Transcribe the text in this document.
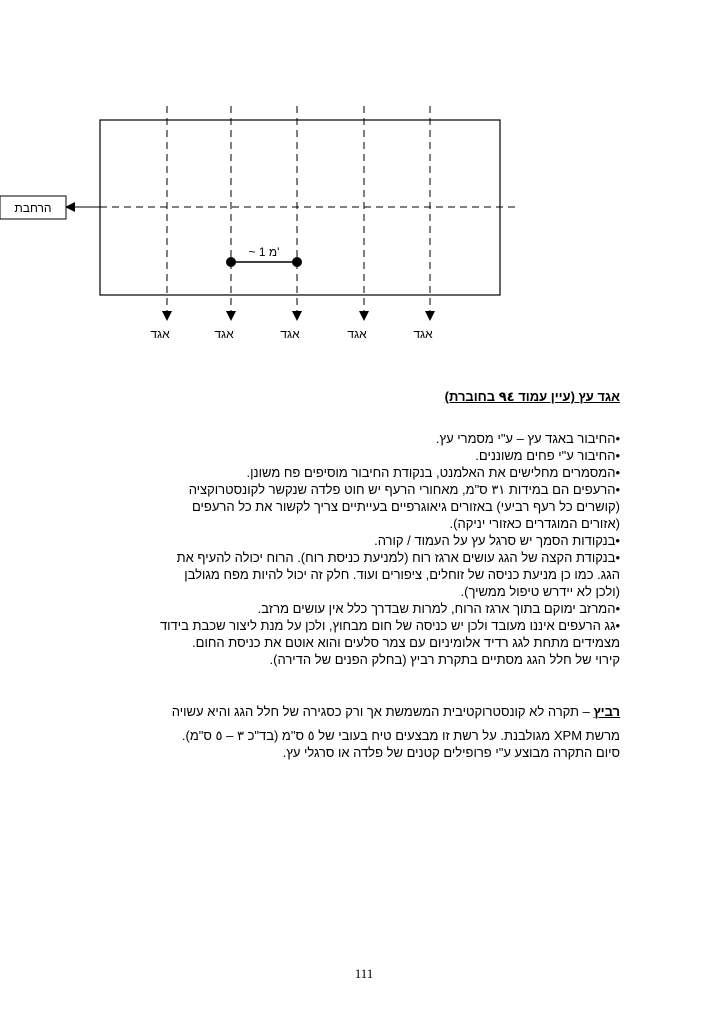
הרחבת
~ 1 מ'
אגד	אגד	אגד	אגד	אגד
אגד עץ (עיין עמוד ٩٤ בחוברת)
•החיבור באגד עץ – ע"י מסמרי עץ.
•החיבור ע"י פחים משוננים.
•המסמרים מחלישים את האלמנט, בנקודת החיבור מוסיפים פח משונן.
•הרעפים הם במידות ٣١ ס"מ, מאחורי הרעף יש חוט פלדה שנקשר לקונסטרוקציה
(קושרים כל רעף רביעי) באזורים גיאוגרפיים בעייתיים צריך לקשור את כל הרעפים
(אזורים המוגדרים כאזורי יניקה).
•בנקודות הסמך יש סרגל עץ על העמוד / קורה.
•בנקודת הקצה של הגג עושים ארגז רוח (למניעת כניסת רוח). הרוח יכולה להעיף את
הגג. כמו כן מניעת כניסה של זוחלים, ציפורים ועוד. חלק זה יכול להיות מפח מגולבן
(ולכן לא יידרש טיפול ממשיך).
•המרזב ימוקם בתוך ארגז הרוח, למרות שבדרך כלל אין עושים מרזב.
•גג הרעפים איננו מעובד ולכן יש כניסה של חום מבחוץ, ולכן על מנת ליצור שכבת בידוד
מצמידים מתחת לגג רדיד אלומיניום עם צמר סלעים והוא אוטם את כניסת החום.
קירוי של חלל הגג מסתיים בתקרת רביץ (בחלק הפנים של הדירה).
רביץ – תקרה לא קונסטרוקטיבית המשמשת אך ורק כסגירה של חלל הגג והיא עשויה
מרשת XPM מגולבנת. על רשת זו מבצעים טיח בעובי של ٥ ס"מ (בד"כ ٣ – ٥ ס"מ).
סיום התקרה מבוצע ע"י פרופילים קטנים של פלדה או סרגלי עץ.
111
